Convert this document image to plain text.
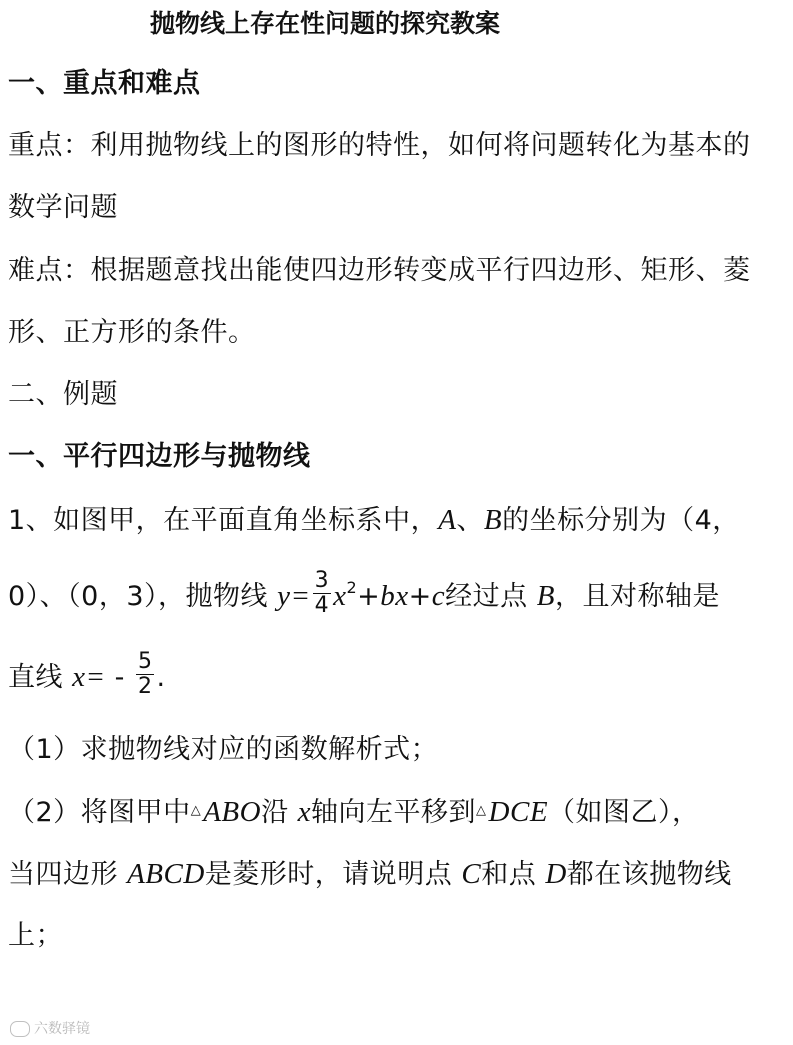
抛物线上存在性问题的探究教案
一、重点和难点
重点：利用抛物线上的图形的特性，如何将问题转化为基本的
数学问题
难点：根据题意找出能使四边形转变成平行四边形、矩形、菱
形、正方形的条件。
二、例题
一、平行四边形与抛物线
1、如图甲，在平面直角坐标系中，A、B的坐标分别为（4，
0）、（0，3），抛物线 $y= \frac{3}{4} x^2+bx+c$经过点 B，且对称轴是
直线 $x= - \frac{5}{2}$ .
（1）求抛物线对应的函数解析式；
（2）将图甲中△ABO沿 x轴向左平移到△DCE（如图乙），
当四边形 ABCD是菱形时，请说明点 C和点 D都在该抛物线
上；
六数驿镜
